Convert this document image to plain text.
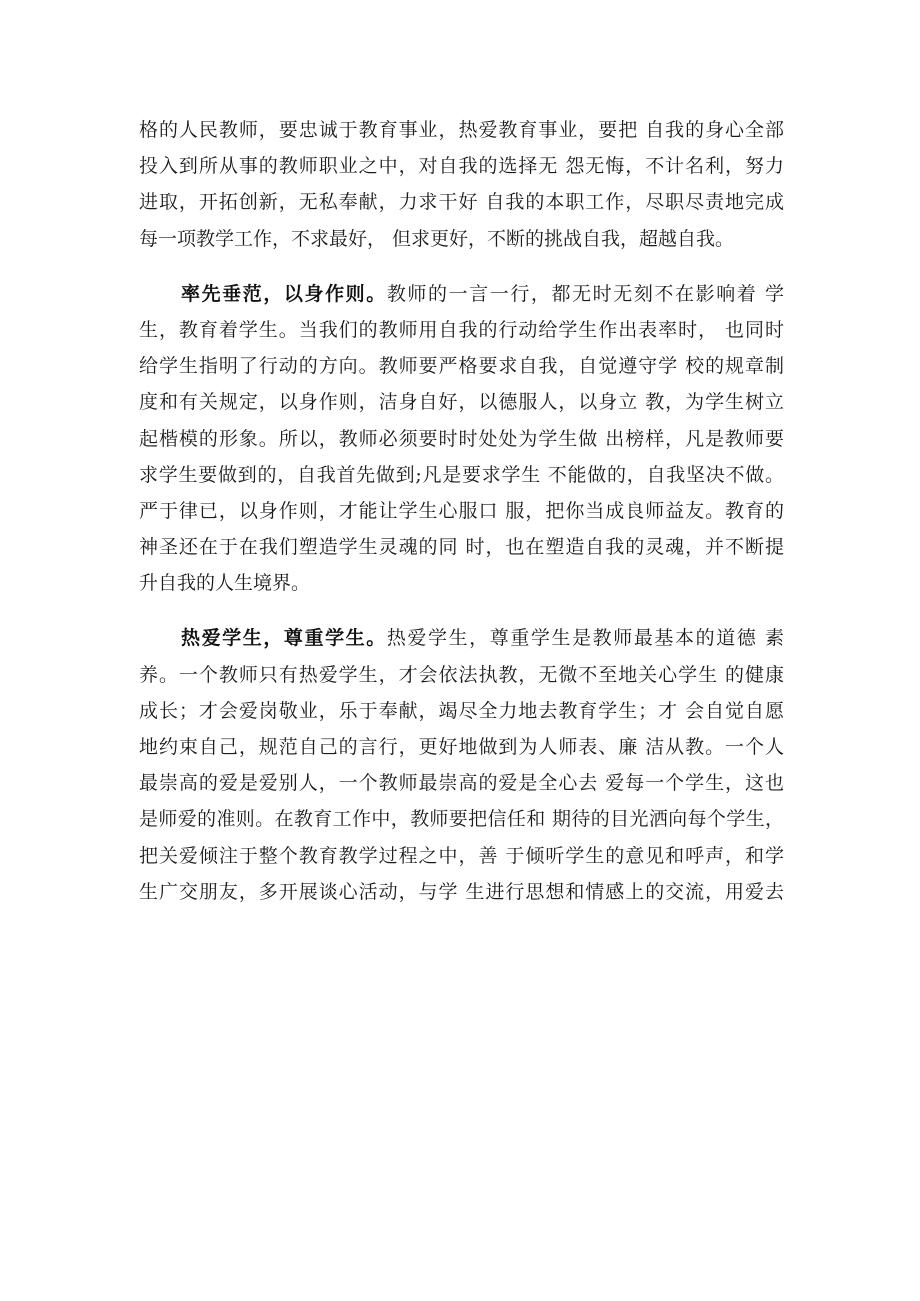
格的人民教师，要忠诚于教育事业，热爱教育事业，要把 自我的身心全部
投入到所从事的教师职业之中，对自我的选择无 怨无悔，不计名利，努力
进取，开拓创新，无私奉献，力求干好 自我的本职工作，尽职尽责地完成
每一项教学工作，不求最好， 但求更好，不断的挑战自我，超越自我。

率先垂范，以身作则。教师的一言一行，都无时无刻不在影响着 学
生，教育着学生。当我们的教师用自我的行动给学生作出表率时， 也同时
给学生指明了行动的方向。教师要严格要求自我，自觉遵守学 校的规章制
度和有关规定，以身作则，洁身自好，以德服人，以身立 教，为学生树立
起楷模的形象。所以，教师必须要时时处处为学生做 出榜样，凡是教师要
求学生要做到的，自我首先做到;凡是要求学生 不能做的，自我坚决不做。
严于律已，以身作则，才能让学生心服口 服，把你当成良师益友。教育的
神圣还在于在我们塑造学生灵魂的同 时，也在塑造自我的灵魂，并不断提
升自我的人生境界。

热爱学生，尊重学生。热爱学生，尊重学生是教师最基本的道德 素
养。一个教师只有热爱学生，才会依法执教，无微不至地关心学生 的健康
成长；才会爱岗敬业，乐于奉献，竭尽全力地去教育学生；才 会自觉自愿
地约束自己，规范自己的言行，更好地做到为人师表、廉 洁从教。一个人
最崇高的爱是爱别人，一个教师最崇高的爱是全心去 爱每一个学生，这也
是师爱的准则。在教育工作中，教师要把信任和 期待的目光洒向每个学生，
把关爱倾注于整个教育教学过程之中，善 于倾听学生的意见和呼声，和学
生广交朋友，多开展谈心活动，与学 生进行思想和情感上的交流，用爱去
